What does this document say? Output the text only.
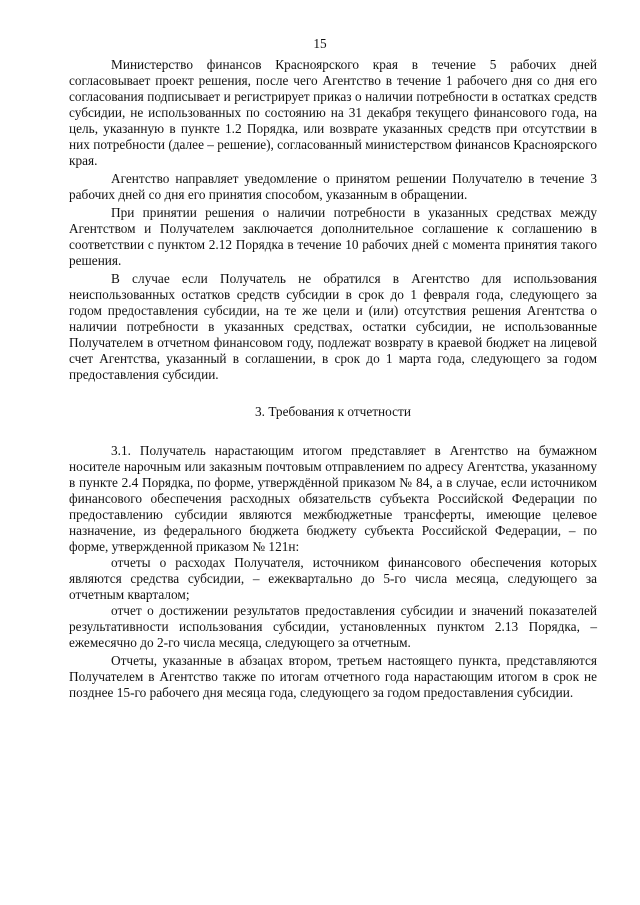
15

Министерство финансов Красноярского края в течение 5 рабочих дней согласовывает проект решения, после чего Агентство в течение 1 рабочего дня со дня его согласования подписывает и регистрирует приказ о наличии потребности в остатках средств субсидии, не использованных по состоянию на 31 декабря текущего финансового года, на цель, указанную в пункте 1.2 Порядка, или возврате указанных средств при отсутствии в них потребности (далее – решение), согласованный министерством финансов Красноярского края.

Агентство направляет уведомление о принятом решении Получателю в течение 3 рабочих дней со дня его принятия способом, указанным в обращении.

При принятии решения о наличии потребности в указанных средствах между Агентством и Получателем заключается дополнительное соглашение к соглашению в соответствии с пунктом 2.12 Порядка в течение 10 рабочих дней с момента принятия такого решения.

В случае если Получатель не обратился в Агентство для использования неиспользованных остатков средств субсидии в срок до 1 февраля года, следующего за годом предоставления субсидии, на те же цели и (или) отсутствия решения Агентства о наличии потребности в указанных средствах, остатки субсидии, не использованные Получателем в отчетном финансовом году, подлежат возврату в краевой бюджет на лицевой счет Агентства, указанный в соглашении, в срок до 1 марта года, следующего за годом предоставления субсидии.

3. Требования к отчетности

3.1. Получатель нарастающим итогом представляет в Агентство на бумажном носителе нарочным или заказным почтовым отправлением по адресу Агентства, указанному в пункте 2.4 Порядка, по форме, утверждённой приказом № 84, а в случае, если источником финансового обеспечения расходных обязательств субъекта Российской Федерации по предоставлению субсидии являются межбюджетные трансферты, имеющие целевое назначение, из федерального бюджета бюджету субъекта Российской Федерации, – по форме, утвержденной приказом № 121н:

отчеты о расходах Получателя, источником финансового обеспечения которых являются средства субсидии, – ежеквартально до 5-го числа месяца, следующего за отчетным кварталом;

отчет о достижении результатов предоставления субсидии и значений показателей результативности использования субсидии, установленных пунктом 2.13 Порядка, – ежемесячно до 2-го числа месяца, следующего за отчетным.

Отчеты, указанные в абзацах втором, третьем настоящего пункта, представляются Получателем в Агентство также по итогам отчетного года нарастающим итогом в срок не позднее 15-го рабочего дня месяца года, следующего за годом предоставления субсидии.
